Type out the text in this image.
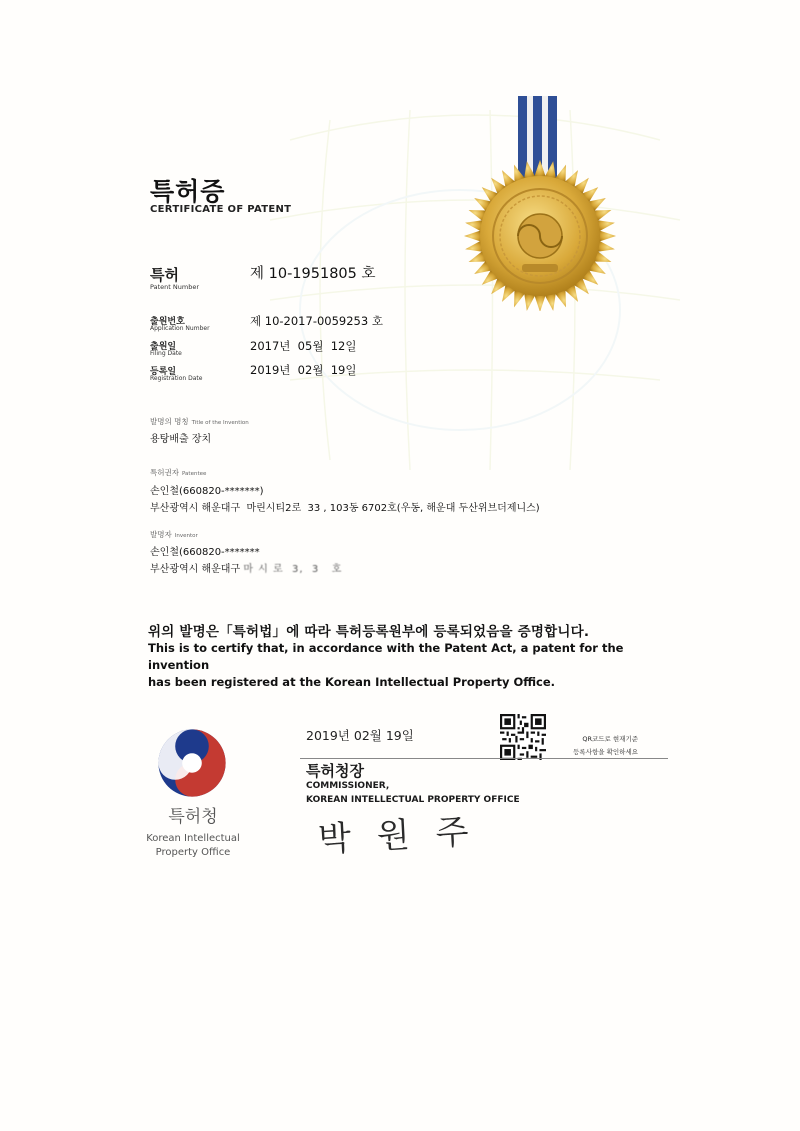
특허증
CERTIFICATE OF PATENT
특허
Patent Number
제 10-1951805 호
출원번호
Application Number
제 10-2017-0059253 호
출원일
Filing Date
2017년  05월  12일
등록일
Registration Date
2019년  02월  19일
발명의 명칭 Title of the Invention
용탕배출 장치
특허권자 Patentee
손인철(660820-*******)
부산광역시 해운대구  마린시티2로  33 , 103동 6702호(우동, 해운대 두산위브더제니스)
발명자 Inventor
손인철(660820-*******
부산광역시 해운대구 마 시 로  3,  3   호
위의 발명은「특허법」에 따라 특허등록원부에 등록되었음을 증명합니다.
This is to certify that, in accordance with the Patent Act, a patent for the invention
has been registered at the Korean Intellectual Property Office.
2019년 02월 19일	QR코드로 현재기준
등록사항을 확인하세요
특허청장
COMMISSIONER,
KOREAN INTELLECTUAL PROPERTY OFFICE
박원주
특허청
Korean Intellectual
Property Office
